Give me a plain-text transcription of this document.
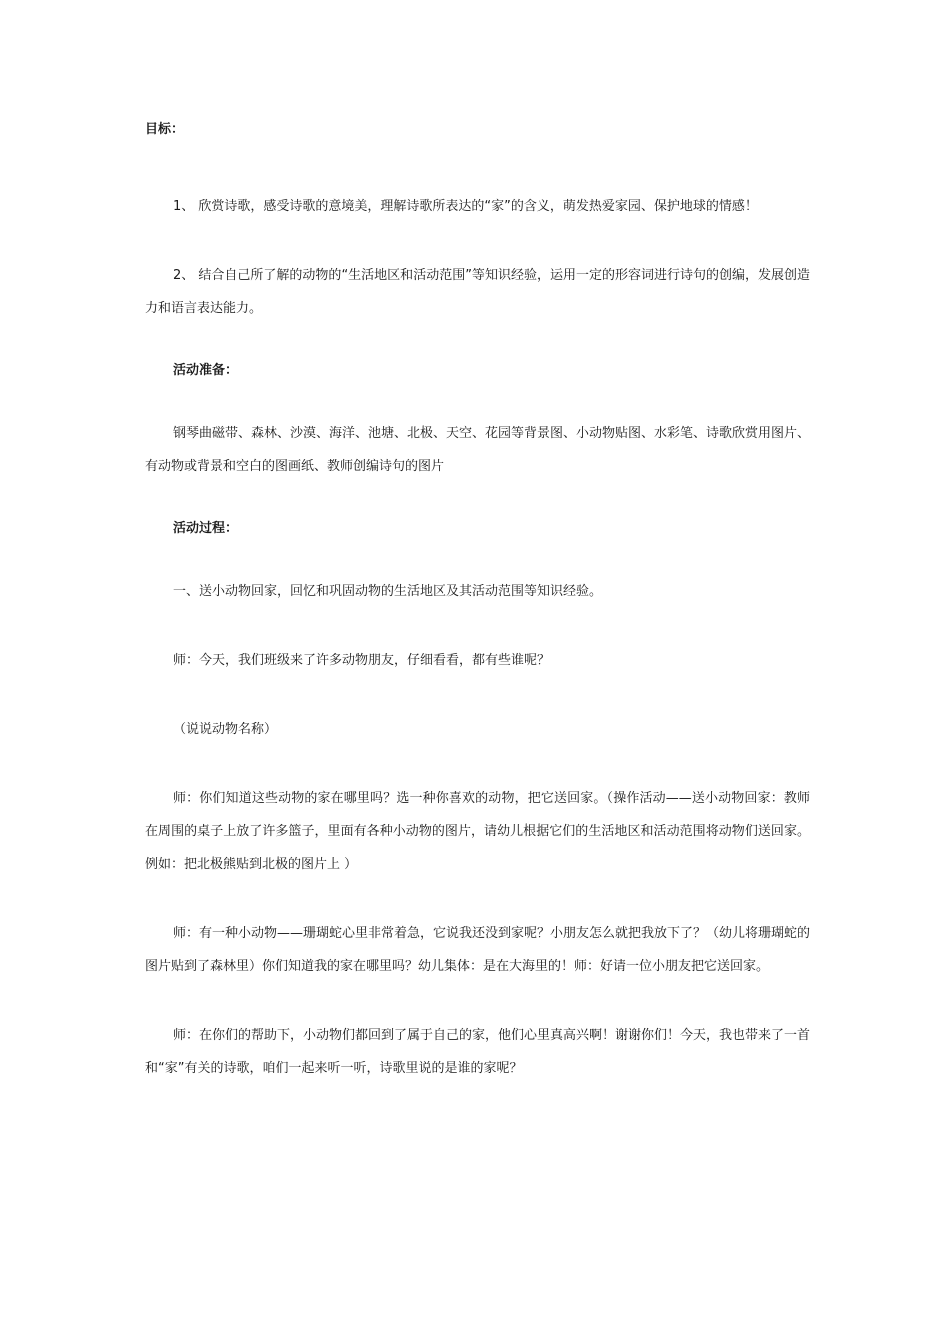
目标：

1、 欣赏诗歌，感受诗歌的意境美，理解诗歌所表达的“家”的含义，萌发热爱家园、保护地球的情感！

2、 结合自己所了解的动物的“生活地区和活动范围”等知识经验，运用一定的形容词进行诗句的创编，发展创造力和语言表达能力。

活动准备：

钢琴曲磁带、森林、沙漠、海洋、池塘、北极、天空、花园等背景图、小动物贴图、水彩笔、诗歌欣赏用图片、有动物或背景和空白的图画纸、教师创编诗句的图片

活动过程：

一、送小动物回家，回忆和巩固动物的生活地区及其活动范围等知识经验。

师：今天，我们班级来了许多动物朋友，仔细看看，都有些谁呢？

（说说动物名称）

师：你们知道这些动物的家在哪里吗？选一种你喜欢的动物，把它送回家。（操作活动——送小动物回家：教师在周围的桌子上放了许多篮子，里面有各种小动物的图片，请幼儿根据它们的生活地区和活动范围将动物们送回家。例如：把北极熊贴到北极的图片上 ）

师：有一种小动物——珊瑚蛇心里非常着急，它说我还没到家呢？小朋友怎么就把我放下了？（幼儿将珊瑚蛇的图片贴到了森林里）你们知道我的家在哪里吗？幼儿集体：是在大海里的！师：好请一位小朋友把它送回家。

师：在你们的帮助下，小动物们都回到了属于自己的家，他们心里真高兴啊！谢谢你们！今天，我也带来了一首和“家”有关的诗歌，咱们一起来听一听，诗歌里说的是谁的家呢？
